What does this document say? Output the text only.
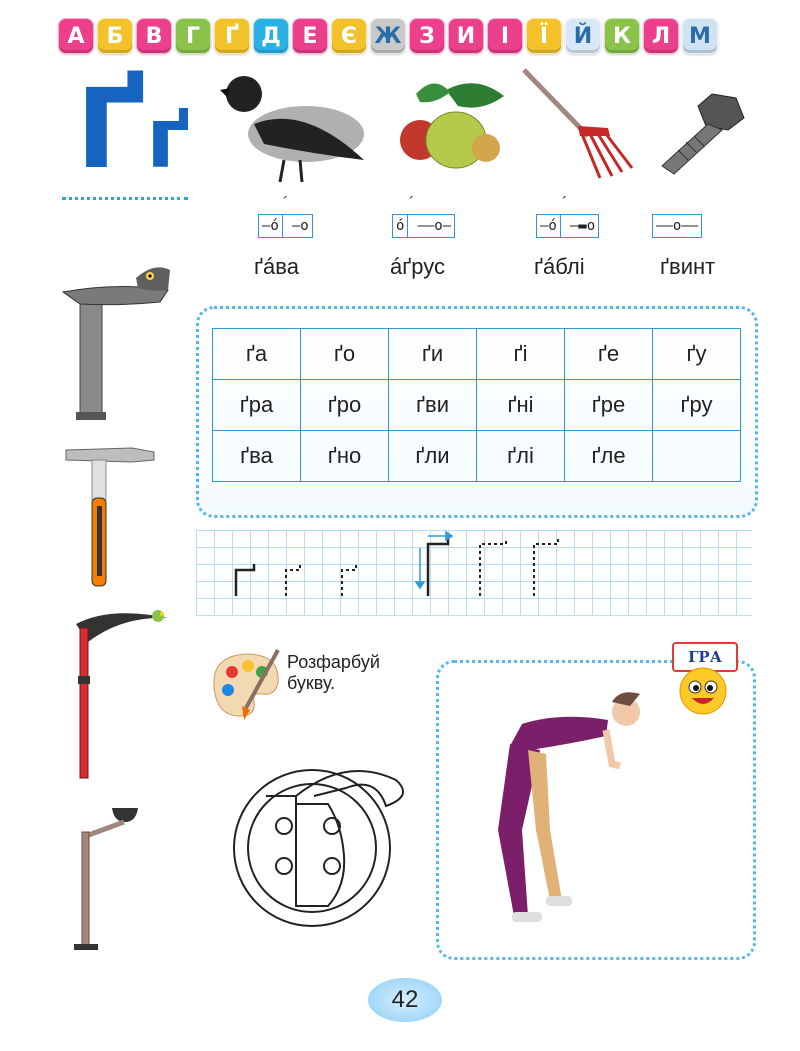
А	Б	В	Г	Ґ	Д Е	Є Ж З И	І	Ї	Й К Л М
Ґґ
´	´	´
–о́ –о	о́ ––о–	–о́ –▬о	––о––
ґáва	áґрус	ґáблі	ґвинт
ґа	ґо	ґи	ґі	ґе	ґу
ґра	ґро	ґви	ґні	ґре	ґру
ґва	ґно	ґли	ґлі	ґле	
Розфарбуй
букву.
ГРА
42
